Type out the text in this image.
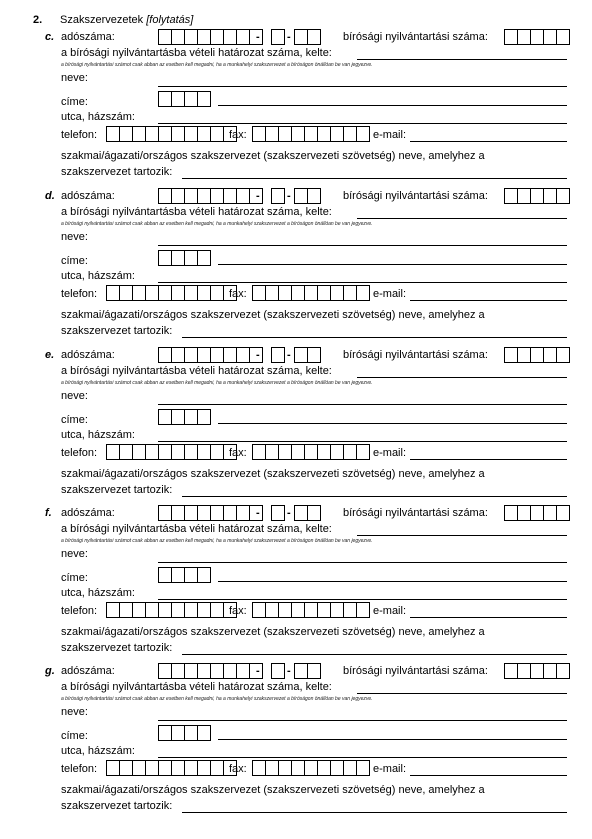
2. Szakszervezetek [folytatás]
c. adószáma:	- -	bírósági nyilvántartási száma:
a bírósági nyilvántartásba vételi határozat száma, kelte:
a bírósági nyilvántartási számot csak abban az esetben kell megadni, ha a munkahelyi szakszervezet a bíróságon önállóan be van jegyezve.
neve:
címe:
utca, házszám:
telefon:	fax:	e-mail:
szakmai/ágazati/országos szakszervezet (szakszervezeti szövetség) neve, amelyhez a
szakszervezet tartozik:
d. adószáma:	- -	bírósági nyilvántartási száma:
a bírósági nyilvántartásba vételi határozat száma, kelte:
a bírósági nyilvántartási számot csak abban az esetben kell megadni, ha a munkahelyi szakszervezet a bíróságon önállóan be van jegyezve.
neve:
címe:
utca, házszám:
telefon:	fax:	e-mail:
szakmai/ágazati/országos szakszervezet (szakszervezeti szövetség) neve, amelyhez a
szakszervezet tartozik:
e. adószáma:	- -	bírósági nyilvántartási száma:
a bírósági nyilvántartásba vételi határozat száma, kelte:
a bírósági nyilvántartási számot csak abban az esetben kell megadni, ha a munkahelyi szakszervezet a bíróságon önállóan be van jegyezve.
neve:
címe:
utca, házszám:
telefon:	fax:	e-mail:
szakmai/ágazati/országos szakszervezet (szakszervezeti szövetség) neve, amelyhez a
szakszervezet tartozik:
f. adószáma:	- -	bírósági nyilvántartási száma:
a bírósági nyilvántartásba vételi határozat száma, kelte:
a bírósági nyilvántartási számot csak abban az esetben kell megadni, ha a munkahelyi szakszervezet a bíróságon önállóan be van jegyezve.
neve:
címe:
utca, házszám:
telefon:	fax:	e-mail:
szakmai/ágazati/országos szakszervezet (szakszervezeti szövetség) neve, amelyhez a
szakszervezet tartozik:
g. adószáma:	- -	bírósági nyilvántartási száma:
a bírósági nyilvántartásba vételi határozat száma, kelte:
a bírósági nyilvántartási számot csak abban az esetben kell megadni, ha a munkahelyi szakszervezet a bíróságon önállóan be van jegyezve.
neve:
címe:
utca, házszám:
telefon:	fax:	e-mail:
szakmai/ágazati/országos szakszervezet (szakszervezeti szövetség) neve, amelyhez a
szakszervezet tartozik:
